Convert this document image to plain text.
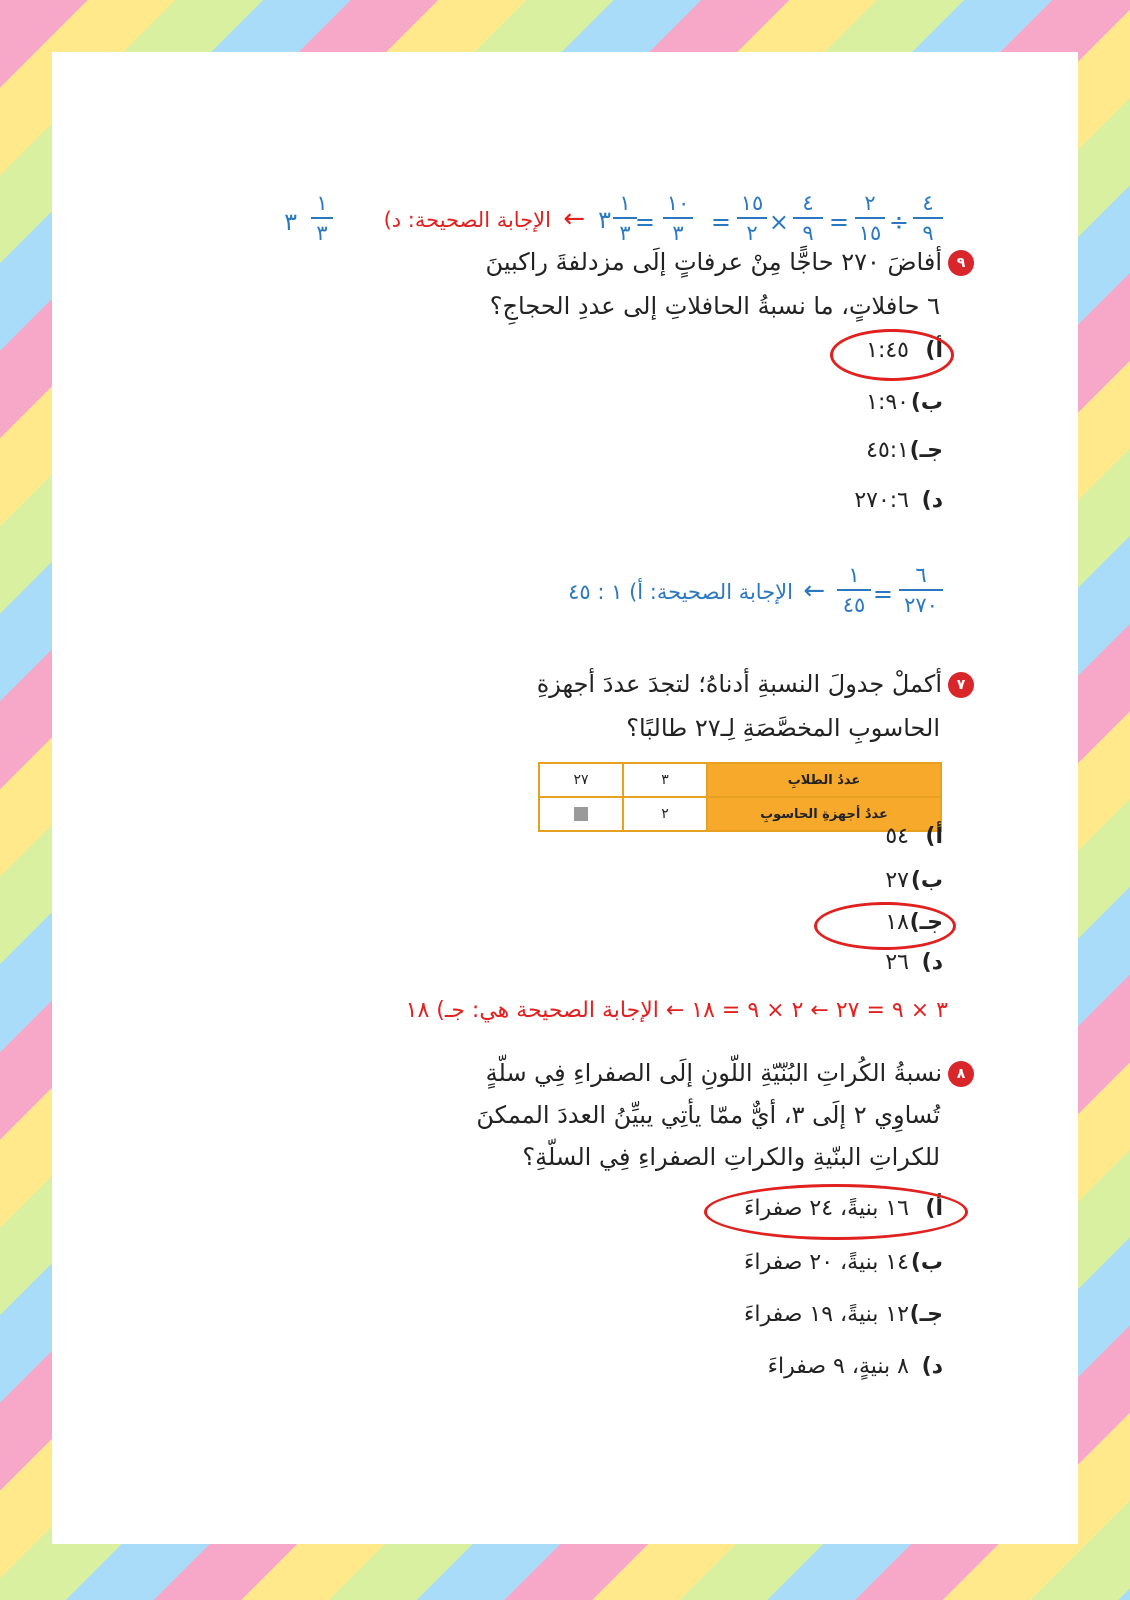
٤
٩
÷
٢
١٥
=
٤
٩
×
١٥
٢
=
١٠
٣
=
١
٣
٣
←
الإجابة الصحيحة: د)
١
٣
٣
٩أفاضَ ٢٧٠ حاجًّا مِنْ عرفاتٍ إلَى مزدلفةَ راكبينَ
٦ حافلاتٍ، ما نسبةُ الحافلاتِ إلى عددِ الحجاجِ؟
أ)١:٤٥
ب)١:٩٠
جـ)٤٥:١
د)٢٧٠:٦
٦
٢٧٠
=
١
٤٥
←
الإجابة الصحيحة: أ) ١ : ٤٥
٧أكملْ جدولَ النسبةِ أدناهُ؛ لتجدَ عددَ أجهزةِ
الحاسوبِ المخصَّصَةِ لِـ٢٧ طالبًا؟
عددُ الطلابِ	٣	٢٧
عددُ أجهزةِ الحاسوبِ	٢	
أ)٥٤
ب)٢٧
جـ)١٨
د)٢٦
٣ × ٩ = ٢٧ ← ٢ × ٩ = ١٨ ← الإجابة الصحيحة هي: جـ) ١٨
٨نسبةُ الكُراتِ البُنّيّةِ اللّونِ إلَى الصفراءِ فِي سلّةٍ
تُساوِي ٢ إلَى ٣، أيٌّ ممّا يأتِي يبيِّنُ العددَ الممكنَ
للكراتِ البنّيةِ والكراتِ الصفراءِ فِي السلّةِ؟
أ)١٦ بنيةً، ٢٤ صفراءَ
ب)١٤ بنيةً، ٢٠ صفراءَ
جـ)١٢ بنيةً، ١٩ صفراءَ
د)٨ بنيةٍ، ٩ صفراءَ
